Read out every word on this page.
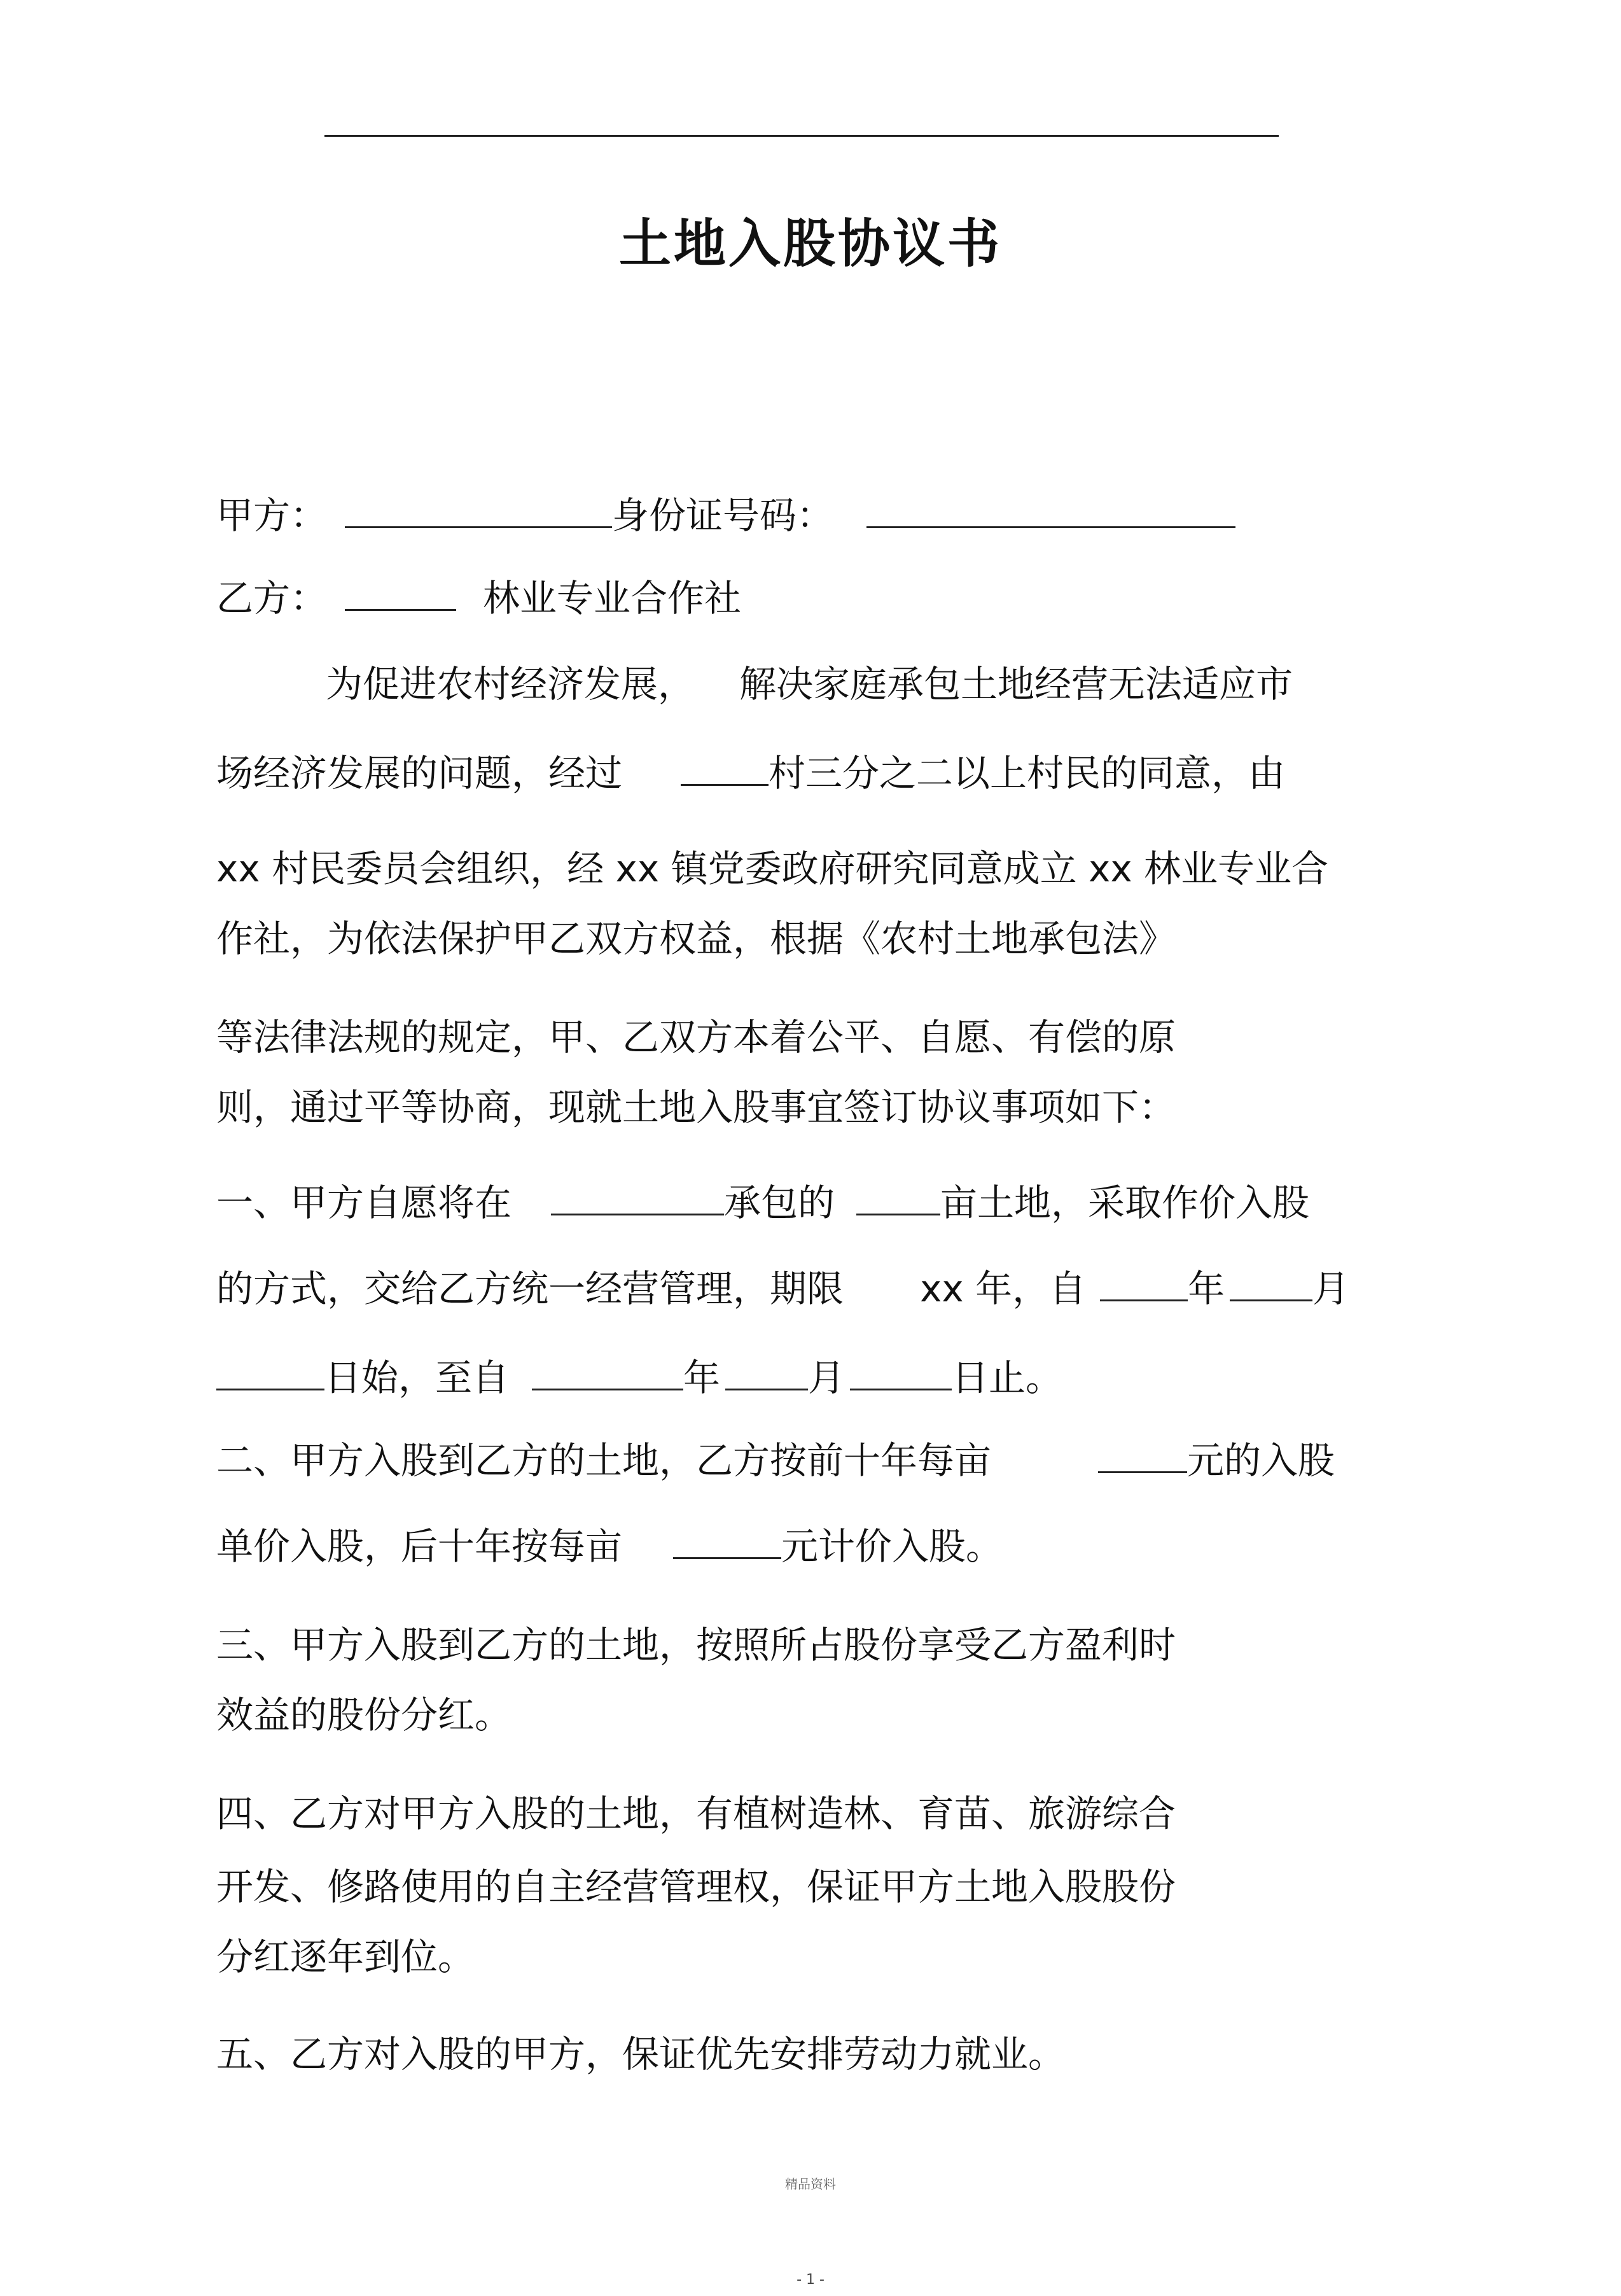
土地入股协议书
甲方：	身份证号码：
乙方：	林业专业合作社
为促进农村经济发展， 解决家庭承包土地经营无法适应市
场经济发展的问题，经过	村三分之二以上村民的同意，由
xx 村民委员会组织，经 xx 镇党委政府研究同意成立 xx 林业专业合
作社，为依法保护甲乙双方权益，根据《农村土地承包法》
等法律法规的规定，甲、乙双方本着公平、自愿、有偿的原
则，通过平等协商，现就土地入股事宜签订协议事项如下：
一、甲方自愿将在	承包的	亩土地，采取作价入股
的方式，交给乙方统一经营管理，期限 xx 年，自	年 月
日始，至自	年 月	日止。
二、甲方入股到乙方的土地，乙方按前十年每亩	元的入股
单价入股，后十年按每亩	元计价入股。
三、甲方入股到乙方的土地，按照所占股份享受乙方盈利时
效益的股份分红。
四、乙方对甲方入股的土地，有植树造林、育苗、旅游综合
开发、修路使用的自主经营管理权，保证甲方土地入股股份
分红逐年到位。
五、乙方对入股的甲方，保证优先安排劳动力就业。
精品资料
- 1 -
